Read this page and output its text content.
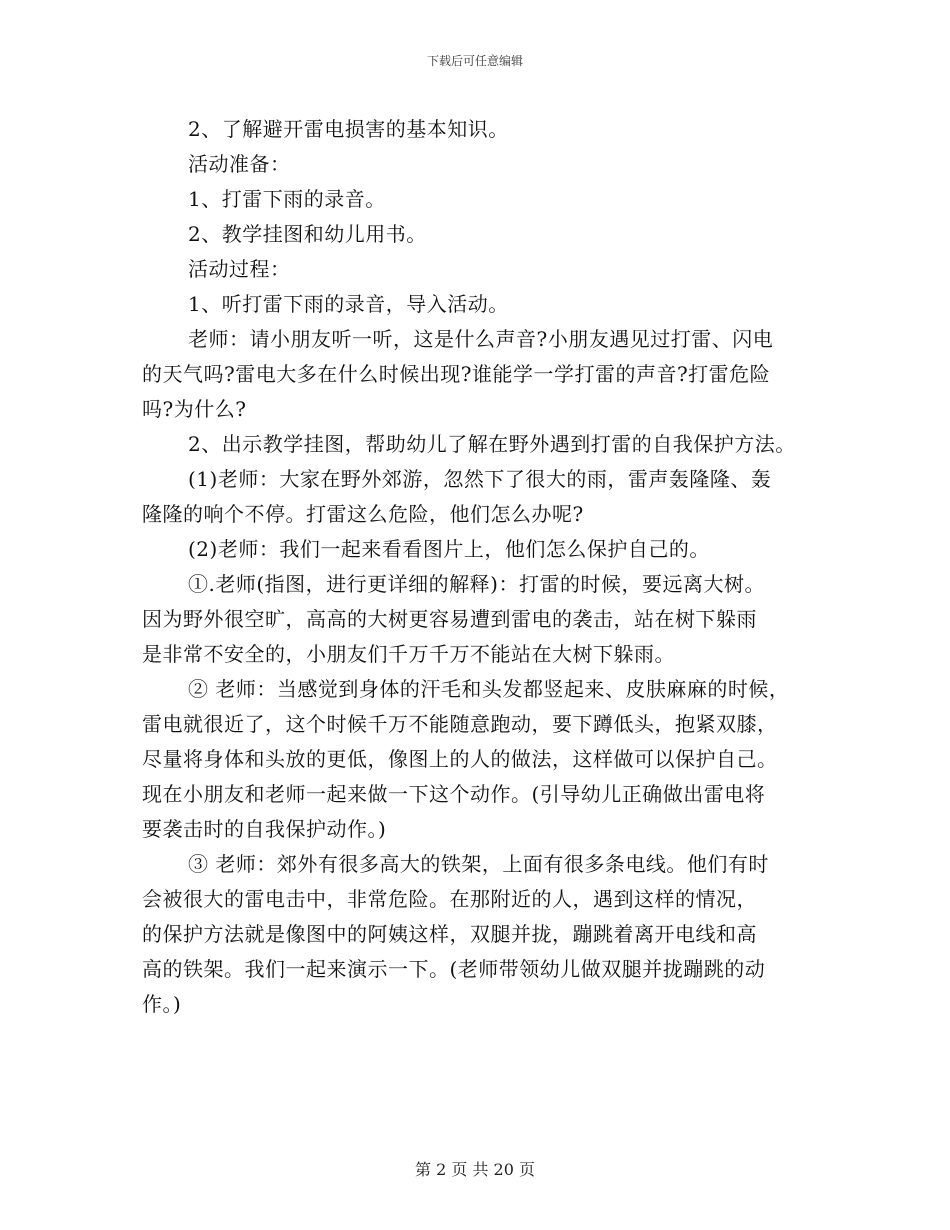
下载后可任意编辑
2、了解避开雷电损害的基本知识。
活动准备：
1、打雷下雨的录音。
2、教学挂图和幼儿用书。
活动过程：
1、听打雷下雨的录音，导入活动。
老师：请小朋友听一听，这是什么声音?小朋友遇见过打雷、闪电
的天气吗?雷电大多在什么时候出现?谁能学一学打雷的声音?打雷危险
吗?为什么?
2、出示教学挂图，帮助幼儿了解在野外遇到打雷的自我保护方法。
(1)老师：大家在野外郊游，忽然下了很大的雨，雷声轰隆隆、轰
隆隆的响个不停。打雷这么危险，他们怎么办呢?
(2)老师：我们一起来看看图片上，他们怎么保护自己的。
①.老师(指图，进行更详细的解释)：打雷的时候，要远离大树。
因为野外很空旷，高高的大树更容易遭到雷电的袭击，站在树下躲雨
是非常不安全的，小朋友们千万千万不能站在大树下躲雨。
② 老师：当感觉到身体的汗毛和头发都竖起来、皮肤麻麻的时候，
雷电就很近了，这个时候千万不能随意跑动，要下蹲低头，抱紧双膝，
尽量将身体和头放的更低，像图上的人的做法，这样做可以保护自己。
现在小朋友和老师一起来做一下这个动作。(引导幼儿正确做出雷电将
要袭击时的自我保护动作。)
③ 老师：郊外有很多高大的铁架，上面有很多条电线。他们有时
会被很大的雷电击中，非常危险。在那附近的人，遇到这样的情况，
的保护方法就是像图中的阿姨这样，双腿并拢，蹦跳着离开电线和高
高的铁架。我们一起来演示一下。(老师带领幼儿做双腿并拢蹦跳的动
作。)
第 2 页 共 20 页
